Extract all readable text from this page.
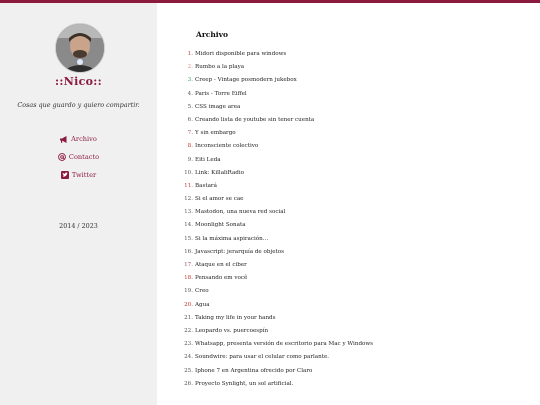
::Nico::
Cosas que guardo y quiero compartir.
Archivo
Contacto
Twitter
2014 / 2023
Archivo
1. Midori disponible para windows
2. Rumbo a la playa
3. Creep - Vintage posmodern jukebox
4. Paris - Torre Eiffel
5. CSS image area
6. Creando lista de youtube sin tener cuenta
7. Y sin embargo
8. Inconsciente colectivo
9. Eiti Leda
10. Link: KillaliRadio
11. Bastará
12. Si el amor se cae
13. Mastodon, una nueva red social
14. Moonlight Sonata
15. Si la máxima aspiración…
16. Javascript: jerarquía de objetos
17. Ataque en el ciber
18. Pensando em você
19. Creo
20. Agua
21. Taking my life in your hands
22. Leopardo vs. puercoespín
23. Whatsapp, presenta versión de escritorio para Mac y Windows
24. Soundwire: para usar el celular como parlante.
25. Iphone 7 en Argentina ofrecido por Claro
26. Proyecto Synlight, un sol artificial.
